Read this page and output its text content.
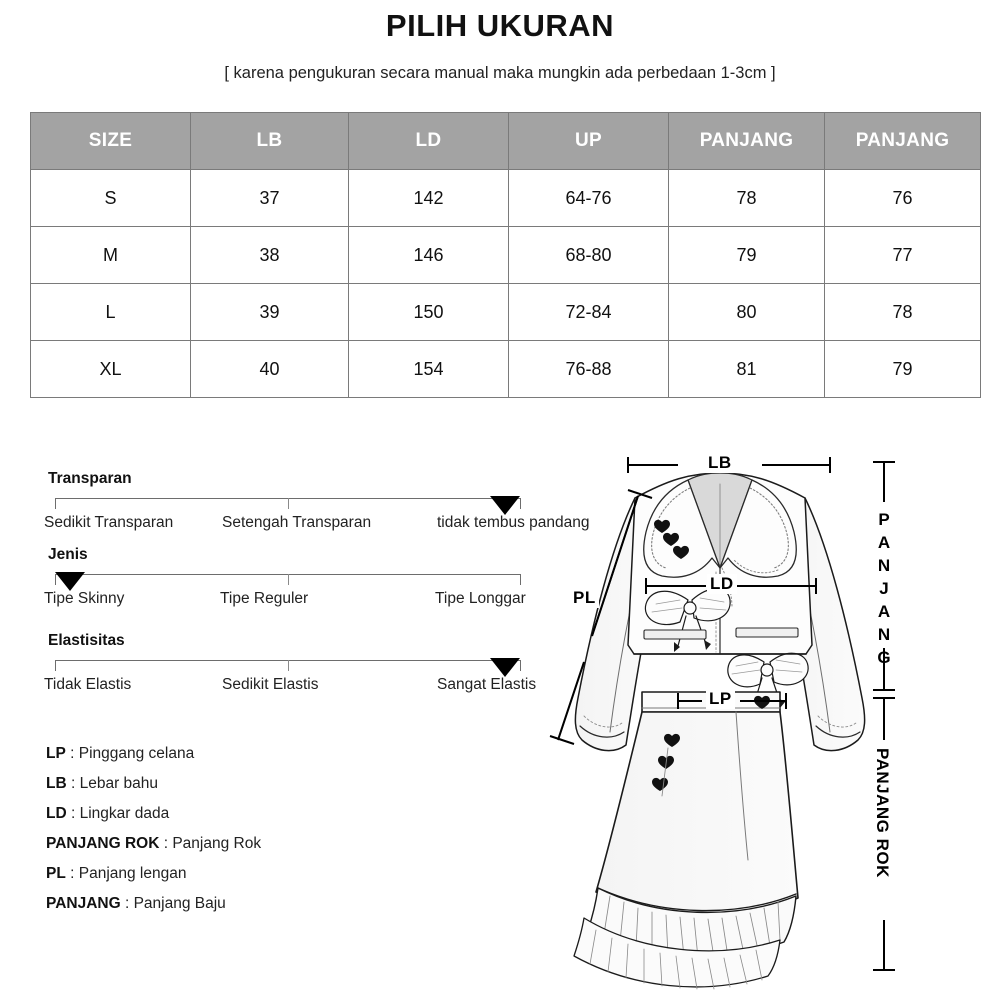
PILIH UKURAN
[ karena pengukuran secara manual maka mungkin ada perbedaan 1-3cm ]
SIZE	LB	LD	UP	PANJANG	PANJANG
S	37	142	64-76	78	76
M	38	146	68-80	79	77
L	39	150	72-84	80	78
XL	40	154	76-88	81	79
Transparan
Sedikit Transparan	Setengah Transparan	tidak tembus pandang
Jenis
Tipe Skinny	Tipe Reguler	Tipe Longgar
Elastisitas
Tidak Elastis	Sedikit Elastis	Sangat Elastis
LP : Pinggang celana
LB : Lebar bahu
LD : Lingkar dada
PANJANG ROK : Panjang Rok
PL : Panjang lengan
PANJANG : Panjang Baju
LB
LD
LP
PL
P
A
N
J
A
N
G
PANJANG ROK
